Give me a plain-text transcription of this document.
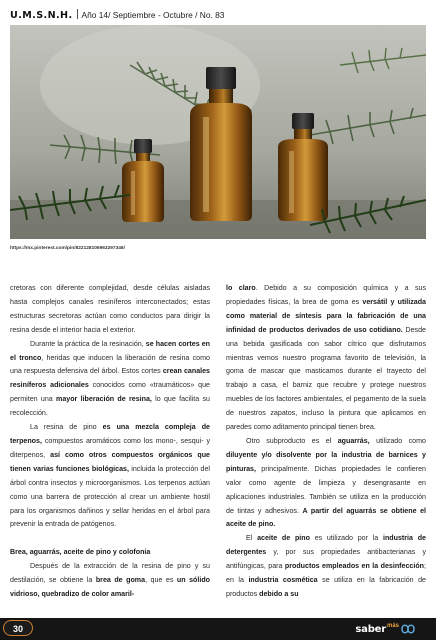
U.M.S.N.H. Año 14/ Septiembre - Octubre / No. 83
https://mx.pinterest.com/pin/822128106963297346/

cretoras con diferente complejidad, desde células aisladas hasta complejos canales resiníferos interconectados; estas estructuras secretoras actúan como conductos para dirigir la resina desde el interior hacia el exterior.

Durante la práctica de la resinación, se hacen cortes en el tronco, heridas que inducen la liberación de resina como una respuesta defensiva del árbol. Estos cortes crean canales resiníferos adicionales conocidos como «traumáticos» que permiten una mayor liberación de resina, lo que facilita su recolección.

La resina de pino es una mezcla compleja de terpenos, compuestos aromáticos como los mono-, sesqui- y diterpenos, así como otros compuestos orgánicos que tienen varias funciones biológicas, incluida la protección del árbol contra insectos y microorganismos. Los terpenos actúan como una barrera de protección al crear un ambiente hostil para los organismos dañinos y sellar heridas en el árbol para prevenir la entrada de patógenos.

Brea, aguarrás, aceite de pino y colofonia

Después de la extracción de la resina de pino y su destilación, se obtiene la brea de goma, que es un sólido vidrioso, quebradizo de color amaril-

lo claro. Debido a su composición química y a sus propiedades físicas, la brea de goma es versátil y utilizada como material de síntesis para la fabricación de una infinidad de productos derivados de uso cotidiano. Desde una bebida gasificada con sabor cítrico que disfrutamos mientras vemos nuestro programa favorito de televisión, la goma de mascar que masticamos durante el trayecto del trabajo a casa, el barniz que recubre y protege nuestros muebles de los factores ambientales, el pegamento de la suela de nuestros zapatos, incluso la pintura que aplicamos en paredes como aditamento principal tienen brea.

Otro subproducto es el aguarrás, utilizado como diluyente y/o disolvente por la industria de barnices y pinturas, principalmente. Dichas propiedades le confieren valor como agente de limpieza y desengrasante en aplicaciones industriales. También se utiliza en la producción de tintas y adhesivos. A partir del aguarrás se obtiene el aceite de pino.

El aceite de pino es utilizado por la industria de detergentes y, por sus propiedades antibacterianas y antifúngicas, para productos empleados en la desinfección; en la industria cosmética se utiliza en la fabricación de productos debido a su

30	saber más
